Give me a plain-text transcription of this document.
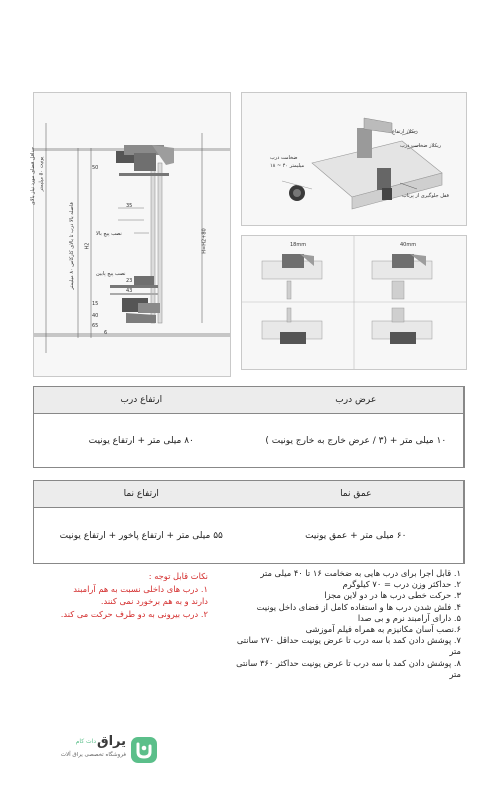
حداقل فضای مورد نیاز بالای یونیت ۵۰ میلیمتر
فاصله بالا درب تا بالای کارکاس ۸۰ میلیمتر	H=H2+80
H2
نصب پیچ بالا
نصب پیچ پایین
50
35
23
43
15
40
65
6
ریکلاز ارتفاع
ریکلاز ضخامت درب
ضخامت درب
۱۸ ~ ۴۰ میلیمتر
قفل جلوگیری از پرتاب
18mm	40mm
ارتفاع درب	عرض درب
۸۰ میلی متر + ارتفاع یونیت	۱۰ میلی متر + (۳ / عرض خارج به خارج یونیت )
ارتفاع نما	عمق نما
۵۵ میلی متر + ارتفاع پاخور + ارتفاع یونیت	۶۰ میلی متر + عمق یونیت
۱. قابل اجرا برای درب هایی به ضخامت ۱۶ تا ۴۰ میلی متر
۲. حداکثر وزن درب = ۷۰ کیلوگرم
۳. حرکت خطی درب ها در دو لاین مجزا
۴. فلش شدن درب ها و استفاده کامل از فضای داخل یونیت
۵. دارای آرامبند نرم و بی صدا
۶.نصب آسان مکانیزم به همراه فیلم آموزشی
۷. پوشش دادن کمد با سه درب تا عرض یونیت حداقل ۲۷۰ سانتی متر
۸. پوشش دادن کمد با سه درب تا عرض یونیت حداکثر ۳۶۰ سانتی متر
نکات قابل توجه :
۱. درب های داخلی نسبت به هم آرامبند
دارند و به هم برخورد نمی کنند.
۲. درب بیرونی به دو طرف حرکت می کند.
یراق
دات کام
فروشگاه تخصصی یراق آلات
